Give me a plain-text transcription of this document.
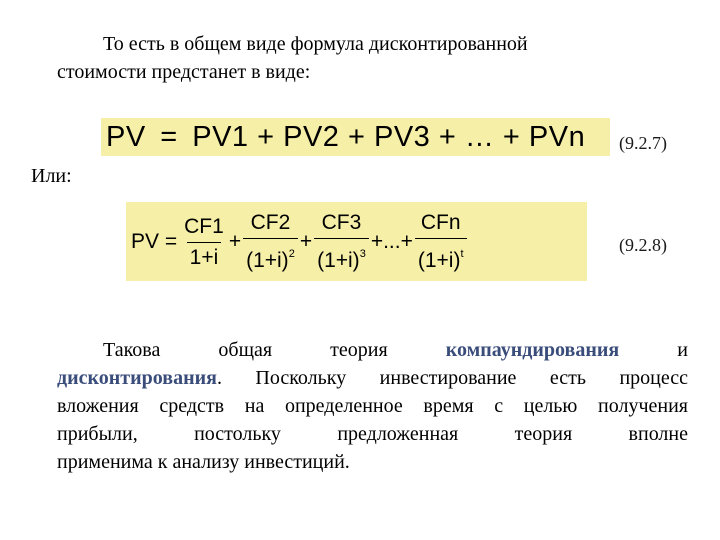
То есть в общем виде формула дисконтированной
стоимости предстанет в виде:

PV = PV1 + PV2 + PV3 + … + PVn	(9.2.7)
Или:
PV = $\frac{CF1}{1+i} + \frac{CF2}{(1+i)^2} + \frac{CF3}{(1+i)^3}$ +...+ $\frac{\text{CFn}}{(1+i)^t}$	(9.2.8)
Такова общая теория компаундирования и
дисконтирования. Поскольку инвестирование есть процесс
вложения средств на определенное время с целью получения
прибыли, постольку предложенная теория вполне
применима к анализу инвестиций.
